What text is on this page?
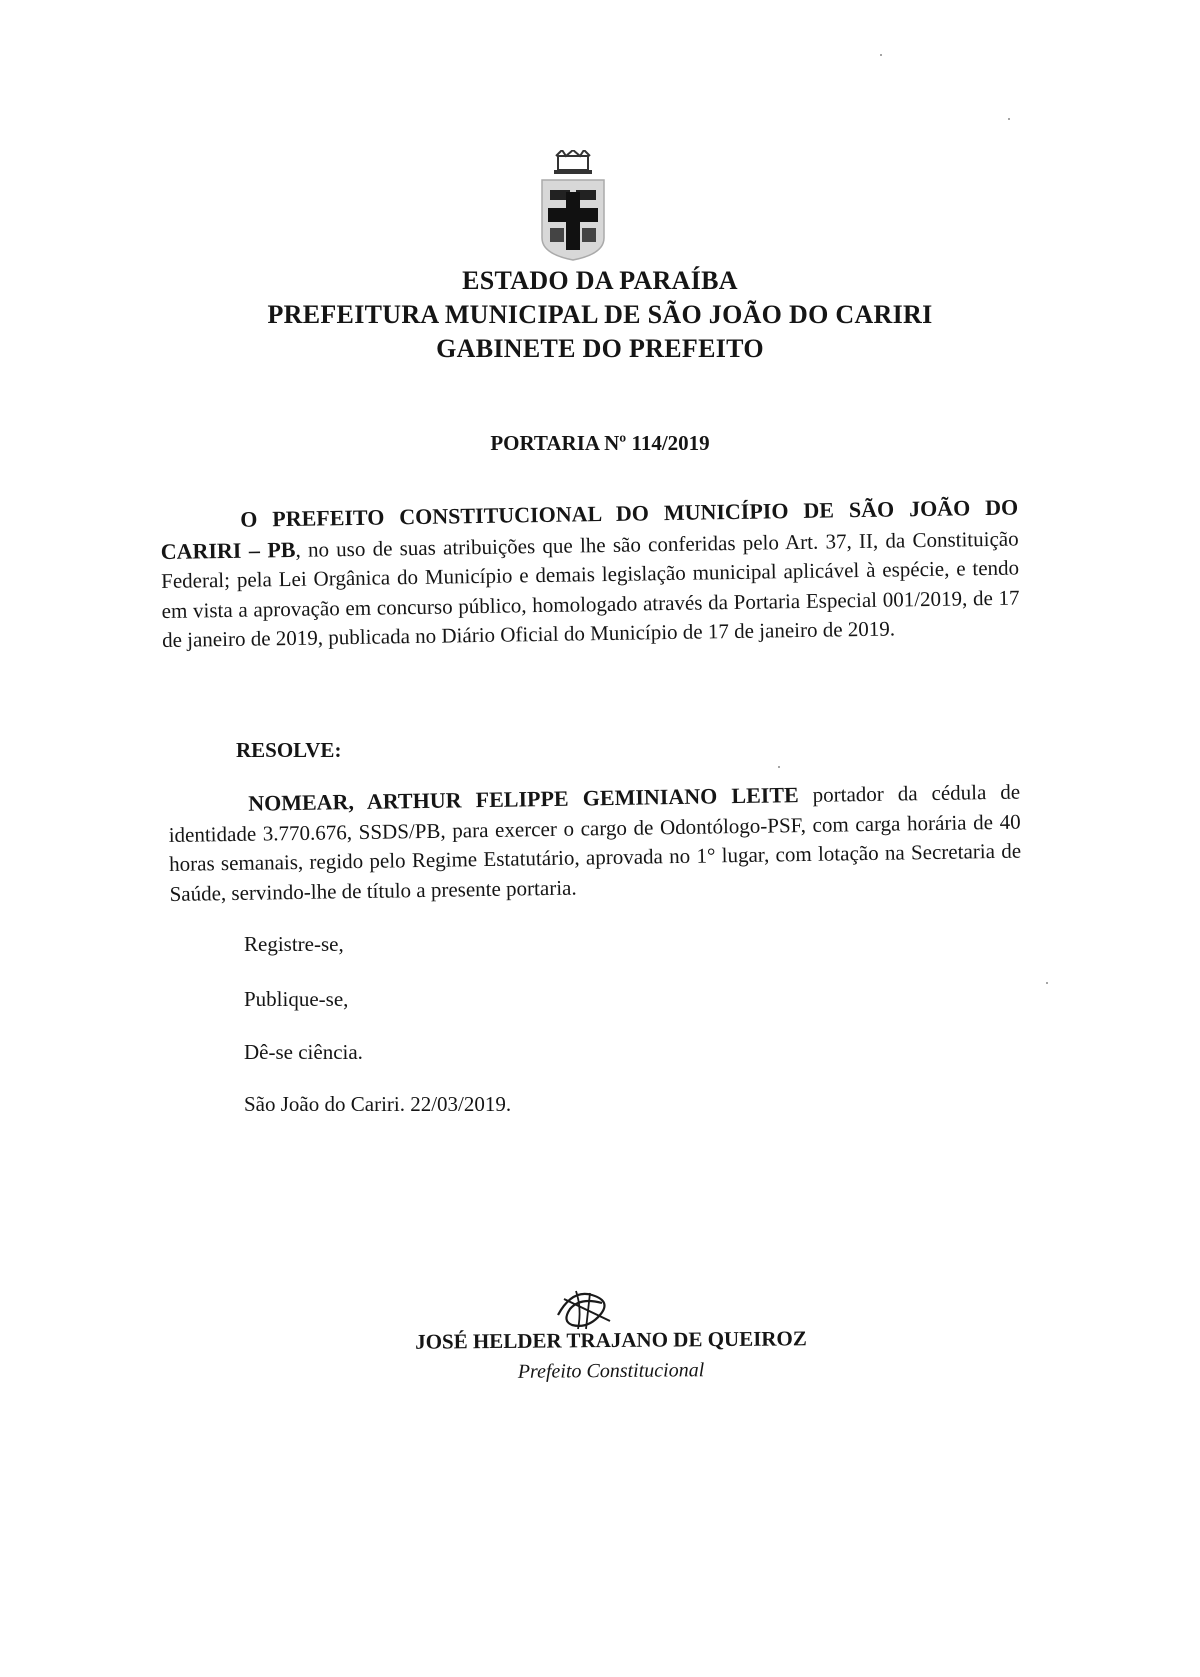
ESTADO DA PARAÍBA
PREFEITURA MUNICIPAL DE SÃO JOÃO DO CARIRI
GABINETE DO PREFEITO
PORTARIA Nº 114/2019
O PREFEITO CONSTITUCIONAL DO MUNICÍPIO DE SÃO JOÃO DO CARIRI – PB, no uso de suas atribuições que lhe são conferidas pelo Art. 37, II, da Constituição Federal; pela Lei Orgânica do Município e demais legislação municipal aplicável à espécie, e tendo em vista a aprovação em concurso público, homologado através da Portaria Especial 001/2019, de 17 de janeiro de 2019, publicada no Diário Oficial do Município de 17 de janeiro de 2019.
RESOLVE:
NOMEAR, ARTHUR FELIPPE GEMINIANO LEITE portador da cédula de identidade 3.770.676, SSDS/PB, para exercer o cargo de Odontólogo-PSF, com carga horária de 40 horas semanais, regido pelo Regime Estatutário, aprovada no 1° lugar, com lotação na Secretaria de Saúde, servindo-lhe de título a presente portaria.
Registre-se,
Publique-se,
Dê-se ciência.
São João do Cariri. 22/03/2019.
JOSÉ HELDER TRAJANO DE QUEIROZ
Prefeito Constitucional
